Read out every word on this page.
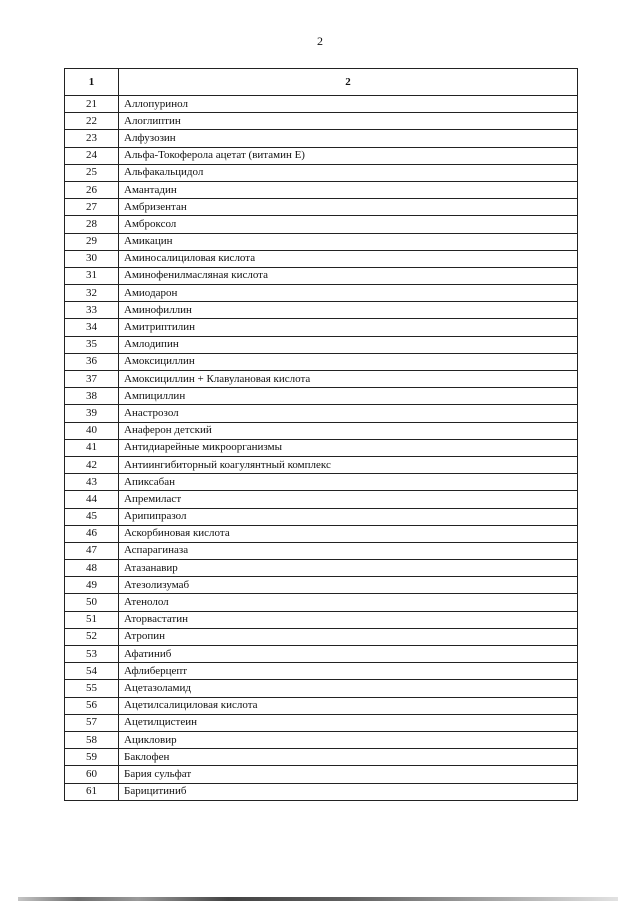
2
1	2
21	Аллопуринол
22	Алоглиптин
23	Алфузозин
24	Альфа-Токоферола ацетат (витамин Е)
25	Альфакальцидол
26	Амантадин
27	Амбризентан
28	Амброксол
29	Амикацин
30	Аминосалициловая кислота
31	Аминофенилмасляная кислота
32	Амиодарон
33	Аминофиллин
34	Амитриптилин
35	Амлодипин
36	Амоксициллин
37	Амоксициллин + Клавулановая кислота
38	Ампициллин
39	Анастрозол
40	Анаферон детский
41	Антидиарейные микроорганизмы
42	Антиингибиторный коагулянтный комплекс
43	Апиксабан
44	Апремиласт
45	Арипипразол
46	Аскорбиновая кислота
47	Аспарагиназа
48	Атазанавир
49	Атезолизумаб
50	Атенолол
51	Аторвастатин
52	Атропин
53	Афатиниб
54	Афлиберцепт
55	Ацетазоламид
56	Ацетилсалициловая кислота
57	Ацетилцистеин
58	Ацикловир
59	Баклофен
60	Бария сульфат
61	Барицитиниб
